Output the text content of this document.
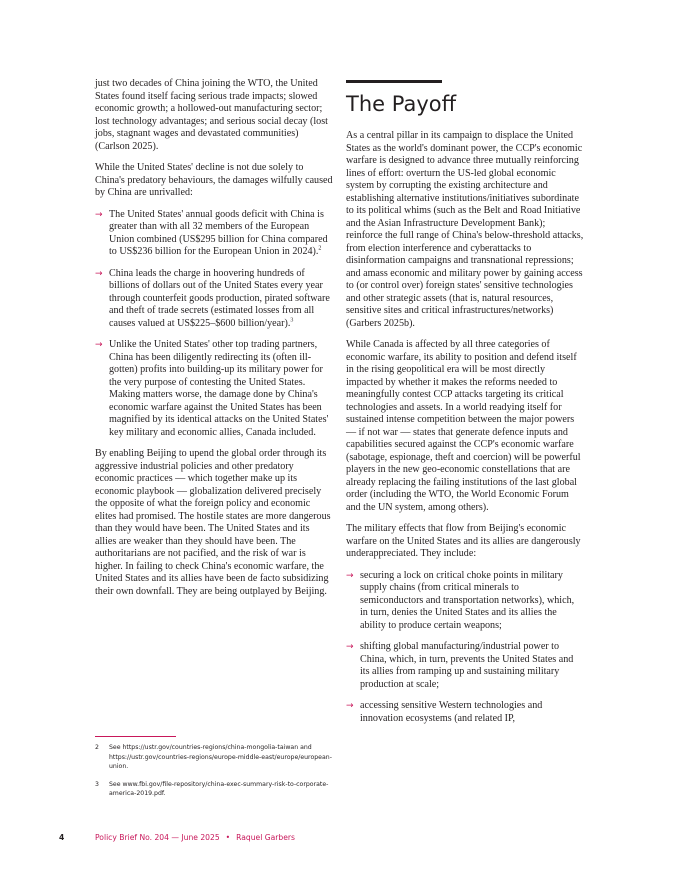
just two decades of China joining the WTO, the United States found itself facing serious trade impacts; slowed economic growth; a hollowed-out manufacturing sector; lost technology advantages; and serious social decay (lost jobs, stagnant wages and devastated communities) (Carlson 2025).

While the United States' decline is not due solely to China's predatory behaviours, the damages wilfully caused by China are unrivalled:

→ The United States' annual goods deficit with China is greater than with all 32 members of the European Union combined (US$295 billion for China compared to US$236 billion for the European Union in 2024).$^2$
→ China leads the charge in hoovering hundreds of billions of dollars out of the United States every year through counterfeit goods production, pirated software and theft of trade secrets (estimated losses from all causes valued at US$225–$600 billion/year).$^3$
→ Unlike the United States' other top trading partners, China has been diligently redirecting its (often ill-gotten) profits into building-up its military power for the very purpose of contesting the United States. Making matters worse, the damage done by China's economic warfare against the United States has been magnified by its identical attacks on the United States' key military and economic allies, Canada included.

By enabling Beijing to upend the global order through its aggressive industrial policies and other predatory economic practices — which together make up its economic playbook — globalization delivered precisely the opposite of what the foreign policy and economic elites had promised. The hostile states are more dangerous than they would have been. The United States and its allies are weaker than they should have been. The authoritarians are not pacified, and the risk of war is higher. In failing to check China's economic warfare, the United States and its allies have been de facto subsidizing their own downfall. They are being outplayed by Beijing.

The Payoff

As a central pillar in its campaign to displace the United States as the world's dominant power, the CCP's economic warfare is designed to advance three mutually reinforcing lines of effort: overturn the US-led global economic system by corrupting the existing architecture and establishing alternative institutions/initiatives subordinate to its political whims (such as the Belt and Road Initiative and the Asian Infrastructure Development Bank); reinforce the full range of China's below-threshold attacks, from election interference and cyberattacks to disinformation campaigns and transnational repressions; and amass economic and military power by gaining access to (or control over) foreign states' sensitive technologies and other strategic assets (that is, natural resources, sensitive sites and critical infrastructures/networks) (Garbers 2025b).

While Canada is affected by all three categories of economic warfare, its ability to position and defend itself in the rising geopolitical era will be most directly impacted by whether it makes the reforms needed to meaningfully contest CCP attacks targeting its critical technologies and assets. In a world readying itself for sustained intense competition between the major powers — if not war — states that generate defence inputs and capabilities secured against the CCP's economic warfare (sabotage, espionage, theft and coercion) will be powerful players in the new geo-economic constellations that are already replacing the failing institutions of the last global order (including the WTO, the World Economic Forum and the UN system, among others).

The military effects that flow from Beijing's economic warfare on the United States and its allies are dangerously underappreciated. They include:

→ securing a lock on critical choke points in military supply chains (from critical minerals to semiconductors and transportation networks), which, in turn, denies the United States and its allies the ability to produce certain weapons;
→ shifting global manufacturing/industrial power to China, which, in turn, prevents the United States and its allies from ramping up and sustaining military production at scale;
→ accessing sensitive Western technologies and innovation ecosystems (and related IP,
2 See https://ustr.gov/countries-regions/china-mongolia-taiwan and https://ustr.gov/countries-regions/europe-middle-east/europe/european-union.
3 See www.fbi.gov/file-repository/china-exec-summary-risk-to-corporate-america-2019.pdf.
4	Policy Brief No. 204 — June 2025 • Raquel Garbers
